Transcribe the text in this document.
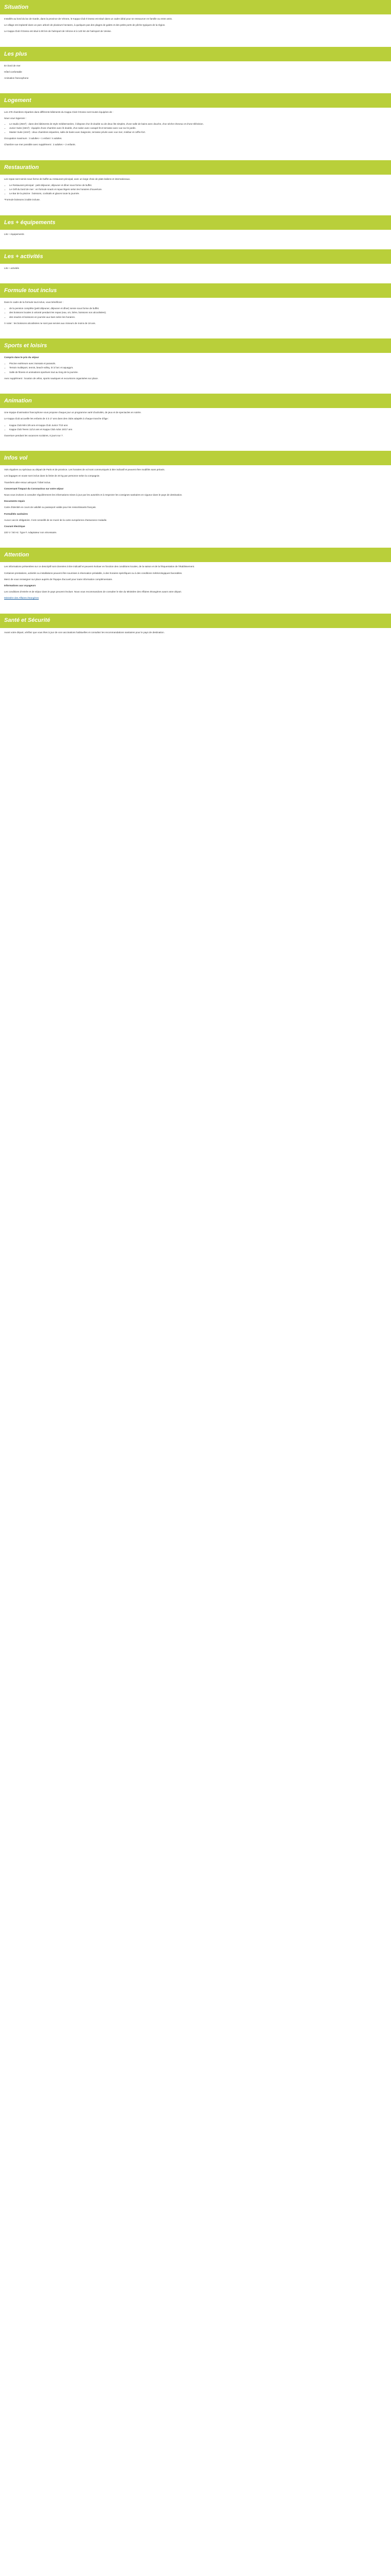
Situation

Installés au bord du lac de Garde, dans la province de Vérone, le Kappa Club Il Dosso est situé dans un cadre idéal pour se ressourcer en famille ou entre amis.

Le village est implanté dans un parc arboré de plusieurs hectares, à quelques pas des plages de galets et des petits ports de pêche typiques de la région.

Le Kappa Club Il Dosso est situé à 90 km de l'aéroport de Vérone et à 140 km de l'aéroport de Venise.

Les plus

En bord de mer

Hôtel confortable

Animation francophone

Logement

Les 478 chambres réparties dans différents bâtiments du Kappa Club Il Dosso sont toutes équipées de :

Nous vous logerons :

• Le studio (25m²) : dans des bâtiments de style méditerranéen, il dispose d'un lit double ou de deux lits simples, d'une salle de bains avec douche, d'un sèche-cheveux et d'une télévision.
• Junior Suite (34m²) : équipée d'une chambre avec lit double, d'un salon avec canapé-lit et terrasse avec vue sur le jardin.
• Master Suite (44m²) : deux chambres séparées, salle de bains avec baignoire, terrasse privée avec vue mer, minibar et coffre-fort.

Occupation maximum : 3 adultes + 1 enfant / 4 adultes.

Chambre vue mer possible avec supplément : 2 adultes + 2 enfants.

Restauration

Les repas sont servis sous forme de buffet au restaurant principal, avec un large choix de plats italiens et internationaux.

• Le Restaurant principal : petit déjeuner, déjeuner et dîner sous forme de buffet.
• Le Grill du bord de mer : en formule snack et repas légers selon les horaires d'ouverture.
• Le Bar de la piscine : boissons, cocktails et glaces toute la journée.

*Formule boissons à table incluse.

Les + équipements

Lits + équipements

Les + activités

Lits + activités

Formule tout inclus

Dans le cadre de la formule tout inclus, vous bénéficiez :

• de la pension complète (petit déjeuner, déjeuner et dîner) servie sous forme de buffet.
• des boissons locales à volonté pendant les repas (eau, vin, bière, boissons non alcoolisées).
• des snacks et boissons en journée aux bars selon les horaires.

À noter : les boissons alcoolisées ne sont pas servies aux mineurs de moins de 18 ans.

Sports et loisirs

Compris dans le prix du séjour

• Piscine extérieure avec transats et parasols.
• Terrain multisport, tennis, beach-volley, tir à l'arc et aquagym.
• Salle de fitness et animations sportives tout au long de la journée.

Avec supplément : location de vélos, sports nautiques et excursions organisées sur place.

Animation

Une équipe d'animation francophone vous propose chaque jour un programme varié d'activités, de jeux et de spectacles en soirée.

Le Kappa Club accueille les enfants de 3 à 17 ans dans des clubs adaptés à chaque tranche d'âge :

• Kappa Club Mini 3/6 ans et Kappa Club Junior 7/10 ans
• Kappa Club Teens 11/14 ans et Kappa Club Ados 15/17 ans

Ouverture pendant les vacances scolaires, 6 jours sur 7.

Infos vol

Vols réguliers ou spéciaux au départ de Paris et de province. Les horaires de vol sont communiqués à titre indicatif et peuvent être modifiés sans préavis.

Les bagages en soute sont inclus dans la limite de 20 kg par personne selon la compagnie.

Transferts aller-retour aéroport / hôtel inclus.

Concernant l'impact du Coronavirus sur votre séjour

Nous vous invitons à consulter régulièrement les informations mises à jour par les autorités et à respecter les consignes sanitaires en vigueur dans le pays de destination.

Documents requis

Carte d'identité en cours de validité ou passeport valide pour les ressortissants français.

Formalités sanitaires

Aucun vaccin obligatoire. Il est conseillé de se munir de la carte européenne d'assurance maladie.

Courant électrique

220 V / 50 Hz. Type F. Adaptateur non nécessaire.

Attention

Les informations présentées sur ce descriptif sont données à titre indicatif et peuvent évoluer en fonction des conditions locales, de la saison et de la fréquentation de l'établissement.

Certaines prestations, activités ou installations peuvent être soumises à réservation préalable, à des horaires spécifiques ou à des conditions météorologiques favorables.

Merci de vous renseigner sur place auprès de l'équipe d'accueil pour toute information complémentaire.

Informations aux voyageurs

Les conditions d'entrée et de séjour dans le pays peuvent évoluer. Nous vous recommandons de consulter le site du Ministère des Affaires étrangères avant votre départ.

Ministère des Affaires étrangères

Santé et Sécurité

Avant votre départ, vérifiez que vous êtes à jour de vos vaccinations habituelles et consultez les recommandations sanitaires pour le pays de destination.
